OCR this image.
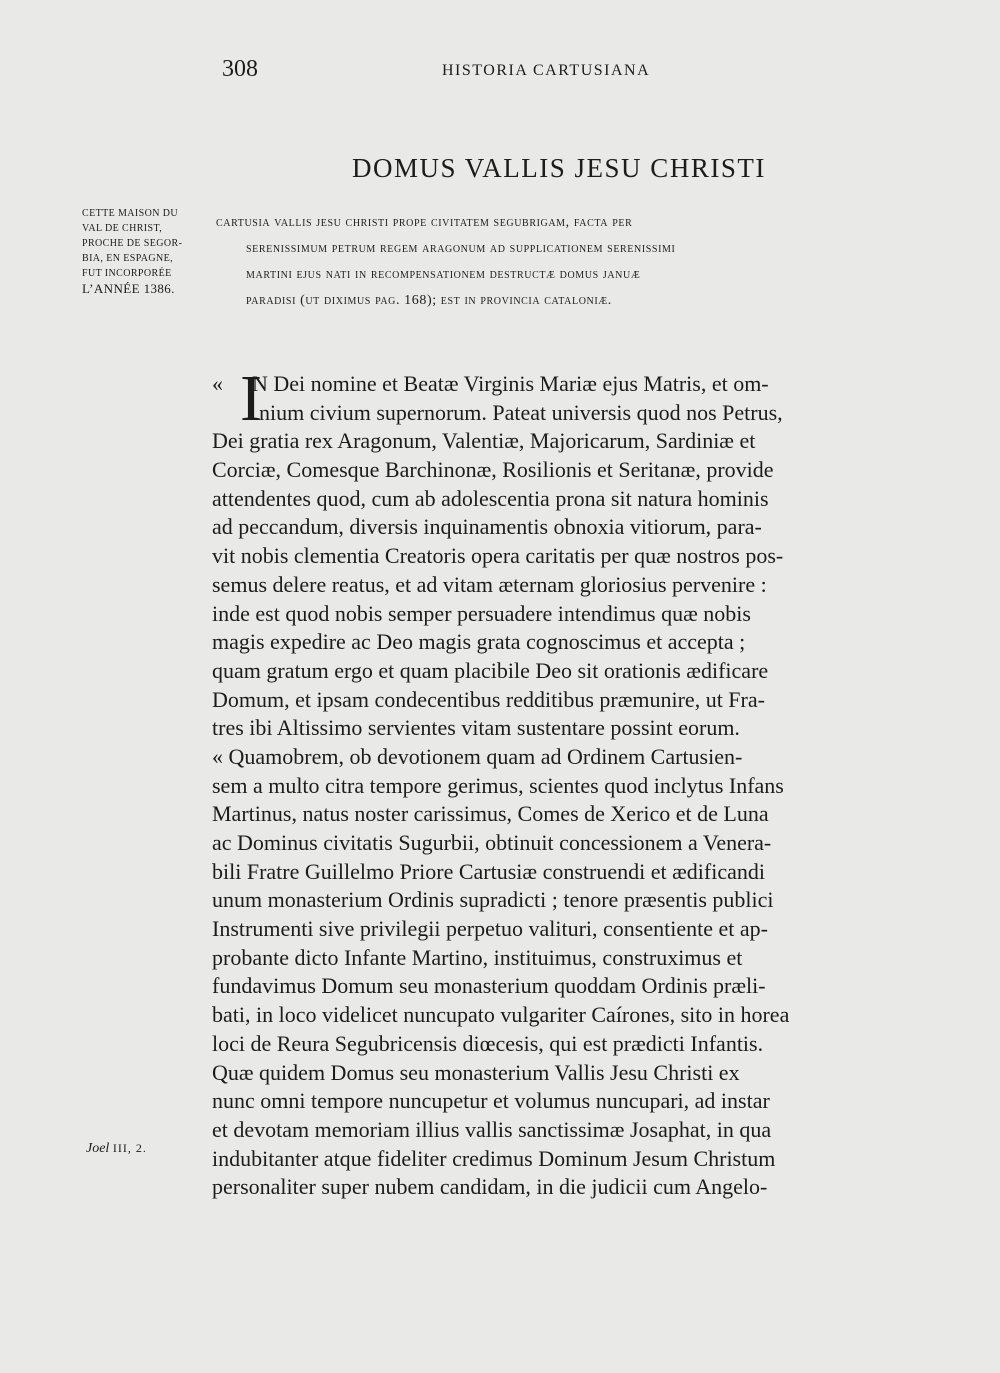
308	HISTORIA CARTUSIANA
DOMUS VALLIS JESU CHRISTI
CETTE MAISON DU
VAL DE CHRIST,
PROCHE DE SEGOR-
BIA, EN ESPAGNE,
FUT INCORPORÉE
L’ANNÉE 1386.
cartusia vallis jesu christi prope civitatem segubrigam, facta per
serenissimum petrum regem aragonum ad supplicationem serenissimi
martini ejus nati in recompensationem destructæ domus januæ
paradisi (ut diximus pag. 168); est in provincia cataloniæ.
I
« N Dei nomine et Beatæ Virginis Mariæ ejus Matris, et om-
nium civium supernorum. Pateat universis quod nos Petrus,
Dei gratia rex Aragonum, Valentiæ, Majoricarum, Sardiniæ et
Corciæ, Comesque Barchinonæ, Rosilionis et Seritanæ, provide
attendentes quod, cum ab adolescentia prona sit natura hominis
ad peccandum, diversis inquinamentis obnoxia vitiorum, para-
vit nobis clementia Creatoris opera caritatis per quæ nostros pos-
semus delere reatus, et ad vitam æternam gloriosius pervenire :
inde est quod nobis semper persuadere intendimus quæ nobis
magis expedire ac Deo magis grata cognoscimus et accepta ;
quam gratum ergo et quam placibile Deo sit orationis ædificare
Domum, et ipsam condecentibus redditibus præmunire, ut Fra-
tres ibi Altissimo servientes vitam sustentare possint eorum.
« Quamobrem, ob devotionem quam ad Ordinem Cartusien-
sem a multo citra tempore gerimus, scientes quod inclytus Infans
Martinus, natus noster carissimus, Comes de Xerico et de Luna
ac Dominus civitatis Sugurbii, obtinuit concessionem a Venera-
bili Fratre Guillelmo Priore Cartusiæ construendi et ædificandi
unum monasterium Ordinis supradicti ; tenore præsentis publici
Instrumenti sive privilegii perpetuo valituri, consentiente et ap-
probante dicto Infante Martino, instituimus, construximus et
fundavimus Domum seu monasterium quoddam Ordinis præli-
bati, in loco videlicet nuncupato vulgariter Caírones, sito in horea
loci de Reura Segubricensis diœcesis, qui est prædicti Infantis.
Quæ quidem Domus seu monasterium Vallis Jesu Christi ex
nunc omni tempore nuncupetur et volumus nuncupari, ad instar
et devotam memoriam illius vallis sanctissimæ Josaphat, in qua
indubitanter atque fideliter credimus Dominum Jesum Christum
personaliter super nubem candidam, in die judicii cum Angelo-
Joel III, 2.
